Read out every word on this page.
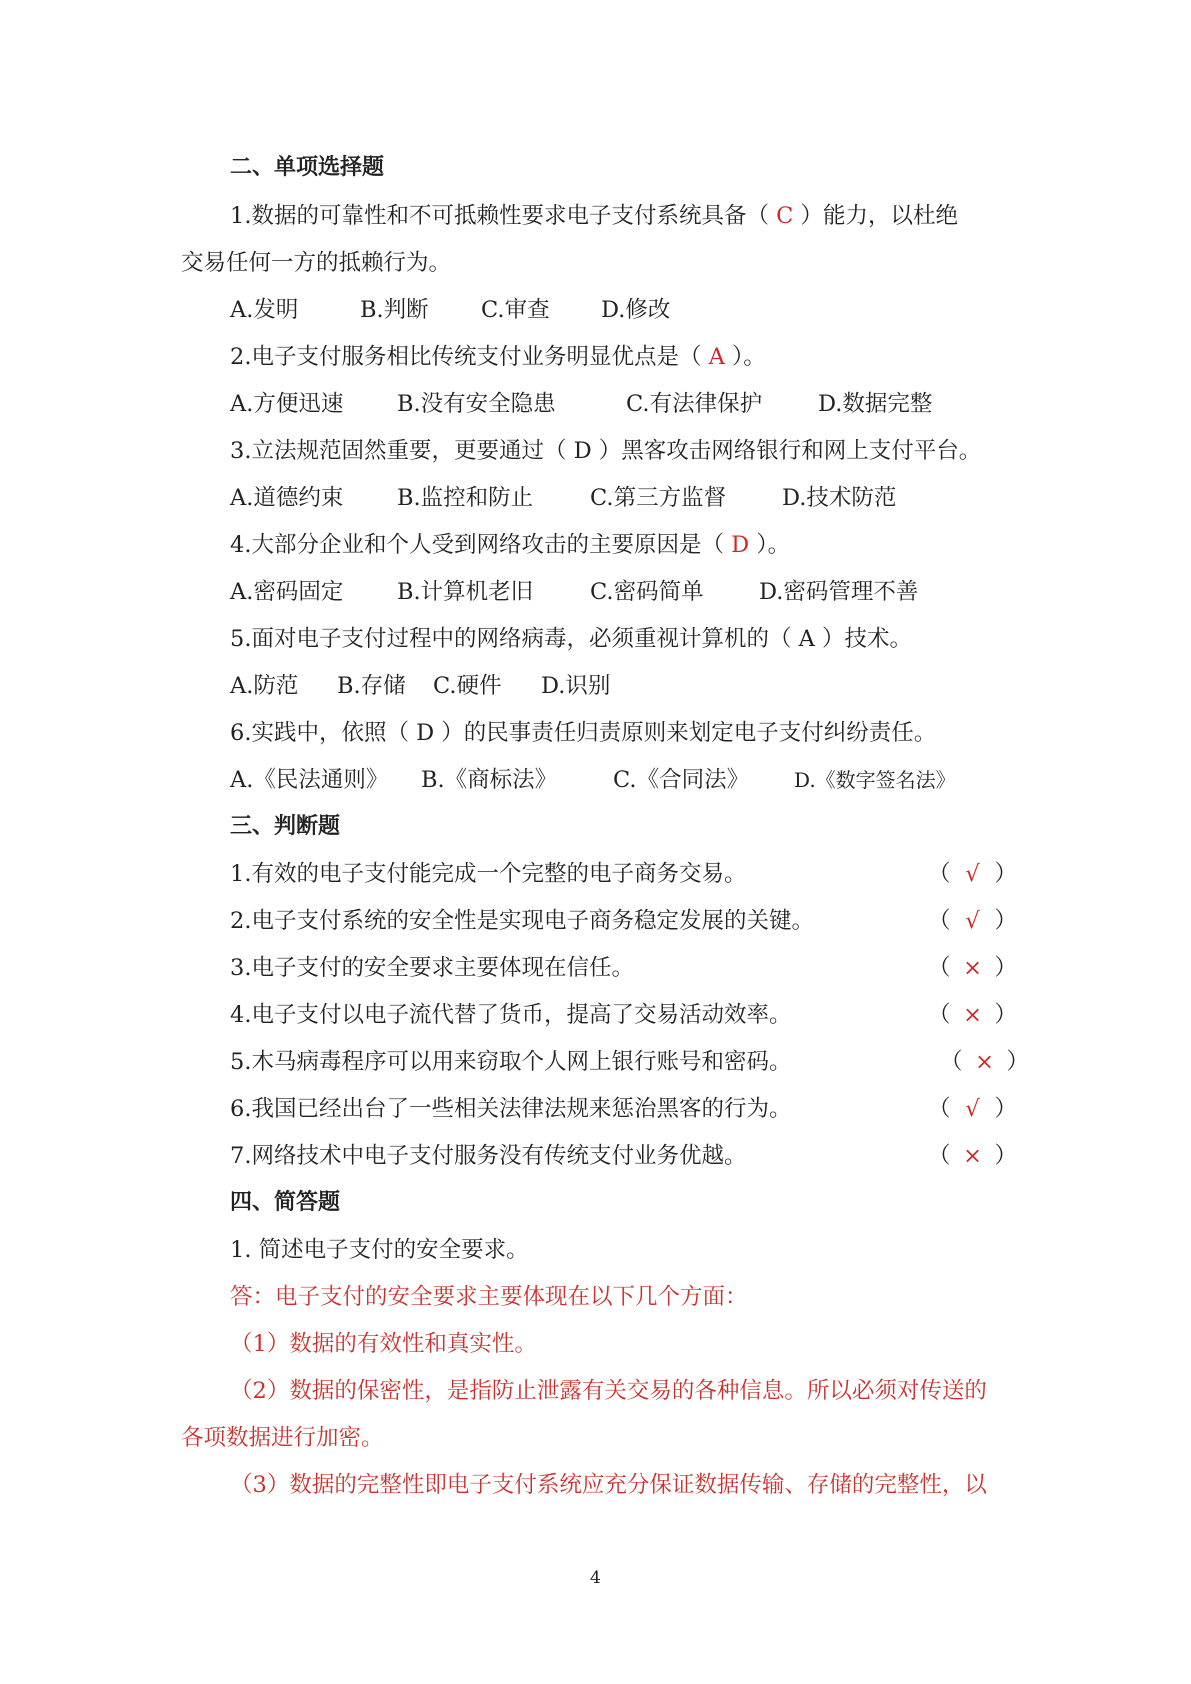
二、单项选择题
1.数据的可靠性和不可抵赖性要求电子支付系统具备（ C ）能力，以杜绝
交易任何一方的抵赖行为。
A.发明	B.判断 C.审查 D.修改
2.电子支付服务相比传统支付业务明显优点是（ A ）。
A.方便迅速 B.没有安全隐患	C.有法律保护 D.数据完整
3.立法规范固然重要，更要通过（ D ）黑客攻击网络银行和网上支付平台。
A.道德约束 B.监控和防止	C.第三方监督 D.技术防范
4.大部分企业和个人受到网络攻击的主要原因是（ D ）。
A.密码固定 B.计算机老旧	C.密码简单 D.密码管理不善
5.面对电子支付过程中的网络病毒，必须重视计算机的（ A ）技术。
A.防范 B.存储 C.硬件 D.识别
6.实践中，依照（ D ）的民事责任归责原则来划定电子支付纠纷责任。
A.《民法通则》 B.《商标法》 C.《合同法》 D.《数字签名法》
三、判断题
1.有效的电子支付能完成一个完整的电子商务交易。	（ √ ）
2.电子支付系统的安全性是实现电子商务稳定发展的关键。	（ √ ）
3.电子支付的安全要求主要体现在信任。	（ × ）
4.电子支付以电子流代替了货币，提高了交易活动效率。	（ × ）
5.木马病毒程序可以用来窃取个人网上银行账号和密码。	（ × ）
6.我国已经出台了一些相关法律法规来惩治黑客的行为。	（ √ ）
7.网络技术中电子支付服务没有传统支付业务优越。	（ × ）
四、简答题
1. 简述电子支付的安全要求。
答：电子支付的安全要求主要体现在以下几个方面：
（1）数据的有效性和真实性。
（2）数据的保密性，是指防止泄露有关交易的各种信息。所以必须对传送的
各项数据进行加密。
（3）数据的完整性即电子支付系统应充分保证数据传输、存储的完整性，以
4
